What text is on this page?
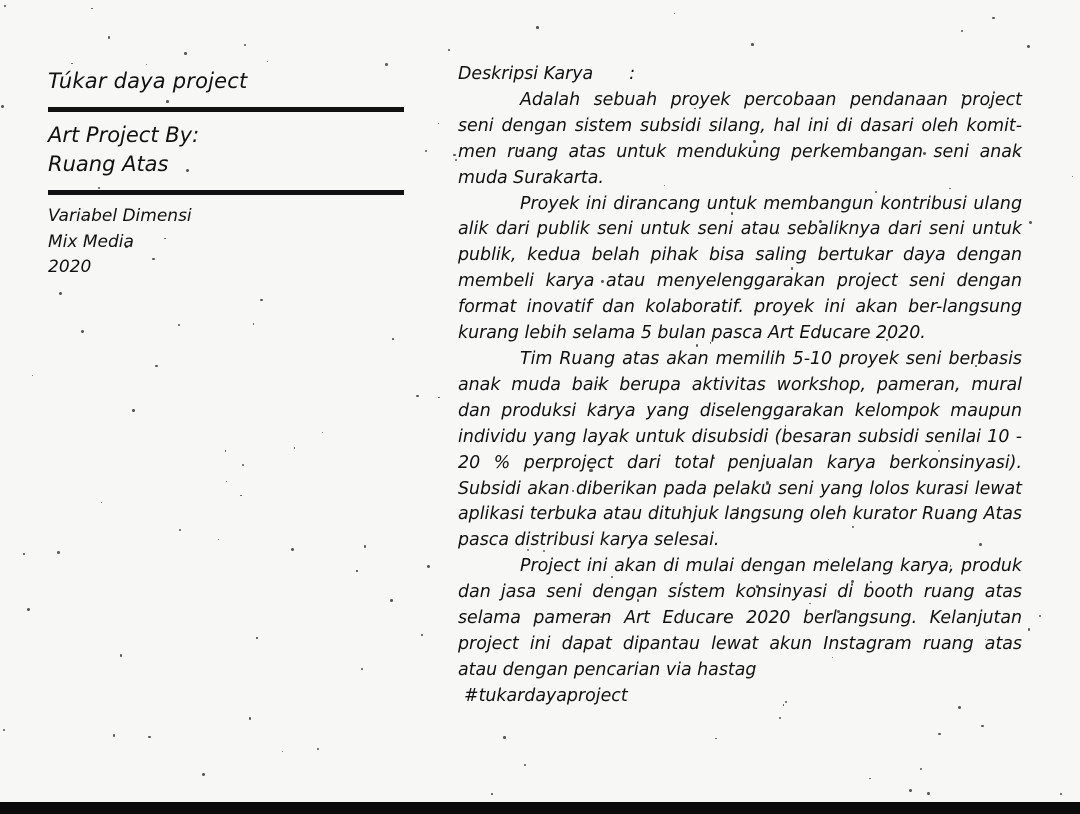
Túkar daya project

Art Project By:

Ruang Atas

Variabel Dimensi

Mix Media

2020

Deskripsi Karya :

Adalah sebuah proyek percobaan pendanaan project seni dengan sistem subsidi silang, hal ini di dasari oleh komit-men ruang atas untuk mendukung perkembangan seni anak muda Surakarta.

Proyek ini dirancang untuk membangun kontribusi ulang alik dari publik seni untuk seni atau sebaliknya dari seni untuk publik, kedua belah pihak bisa saling bertukar daya dengan membeli karya atau menyelenggarakan project seni dengan format inovatif dan kolaboratif. proyek ini akan ber-langsung kurang lebih selama 5 bulan pasca Art Educare 2020.

Tim Ruang atas akan memilih 5-10 proyek seni berbasis anak muda baik berupa aktivitas workshop, pameran, mural dan produksi karya yang diselenggarakan kelompok maupun individu yang layak untuk disubsidi (besaran subsidi senilai 10 - 20 % perproject dari total penjualan karya berkonsinyasi). Subsidi akan diberikan pada pelaku seni yang lolos kurasi lewat aplikasi terbuka atau ditunjuk langsung oleh kurator Ruang Atas pasca distribusi karya selesai.

Project ini akan di mulai dengan melelang karya, produk dan jasa seni dengan sistem konsinyasi di booth ruang atas selama pameran Art Educare 2020 berlangsung. Kelanjutan project ini dapat dipantau lewat akun Instagram ruang atas atau dengan pencarian via hastag

#tukardayaproject
